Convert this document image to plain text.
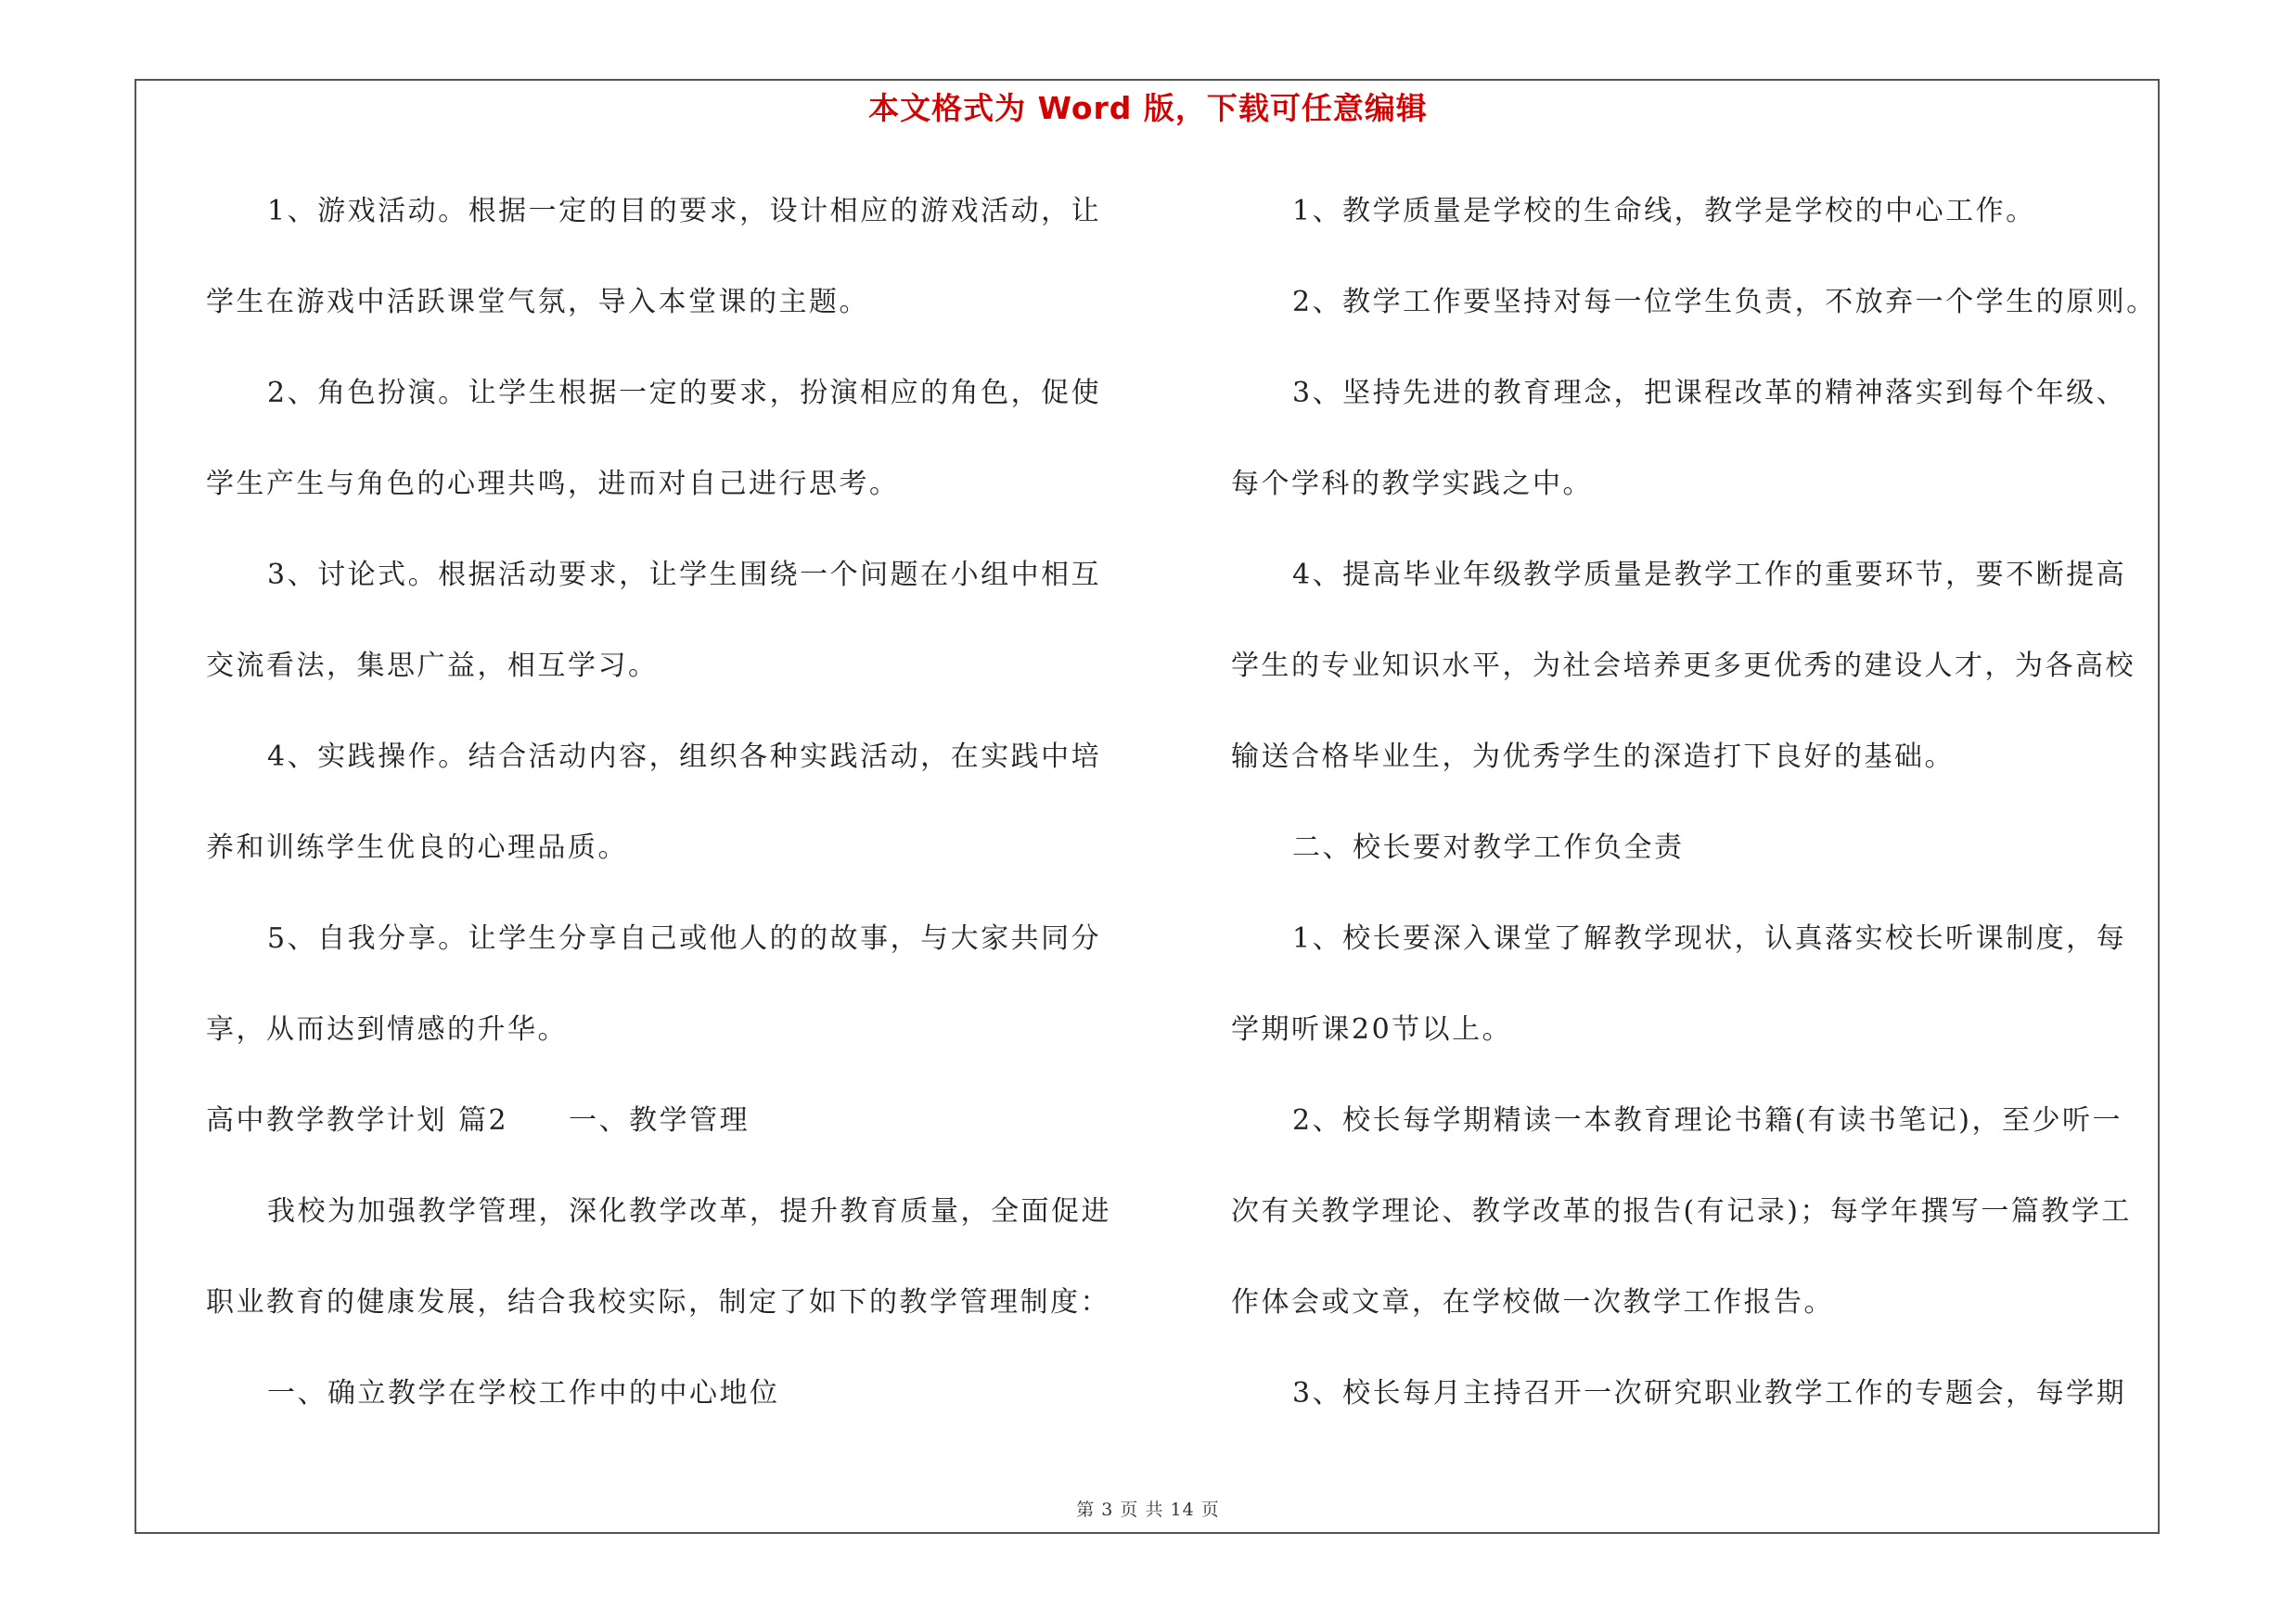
本文格式为 Word 版，下载可任意编辑
1、游戏活动。根据一定的目的要求，设计相应的游戏活动，让
学生在游戏中活跃课堂气氛，导入本堂课的主题。
2、角色扮演。让学生根据一定的要求，扮演相应的角色，促使
学生产生与角色的心理共鸣，进而对自己进行思考。
3、讨论式。根据活动要求，让学生围绕一个问题在小组中相互
交流看法，集思广益，相互学习。
4、实践操作。结合活动内容，组织各种实践活动，在实践中培
养和训练学生优良的心理品质。
5、自我分享。让学生分享自己或他人的的故事，与大家共同分
享，从而达到情感的升华。
高中教学教学计划 篇2　　一、教学管理
我校为加强教学管理，深化教学改革，提升教育质量，全面促进
职业教育的健康发展，结合我校实际，制定了如下的教学管理制度：
一、确立教学在学校工作中的中心地位
1、教学质量是学校的生命线，教学是学校的中心工作。
2、教学工作要坚持对每一位学生负责，不放弃一个学生的原则。
3、坚持先进的教育理念，把课程改革的精神落实到每个年级、
每个学科的教学实践之中。
4、提高毕业年级教学质量是教学工作的重要环节，要不断提高
学生的专业知识水平，为社会培养更多更优秀的建设人才，为各高校
输送合格毕业生，为优秀学生的深造打下良好的基础。
二、校长要对教学工作负全责
1、校长要深入课堂了解教学现状，认真落实校长听课制度，每
学期听课20节以上。
2、校长每学期精读一本教育理论书籍(有读书笔记)，至少听一
次有关教学理论、教学改革的报告(有记录)；每学年撰写一篇教学工
作体会或文章，在学校做一次教学工作报告。
3、校长每月主持召开一次研究职业教学工作的专题会，每学期
第 3 页 共 14 页
